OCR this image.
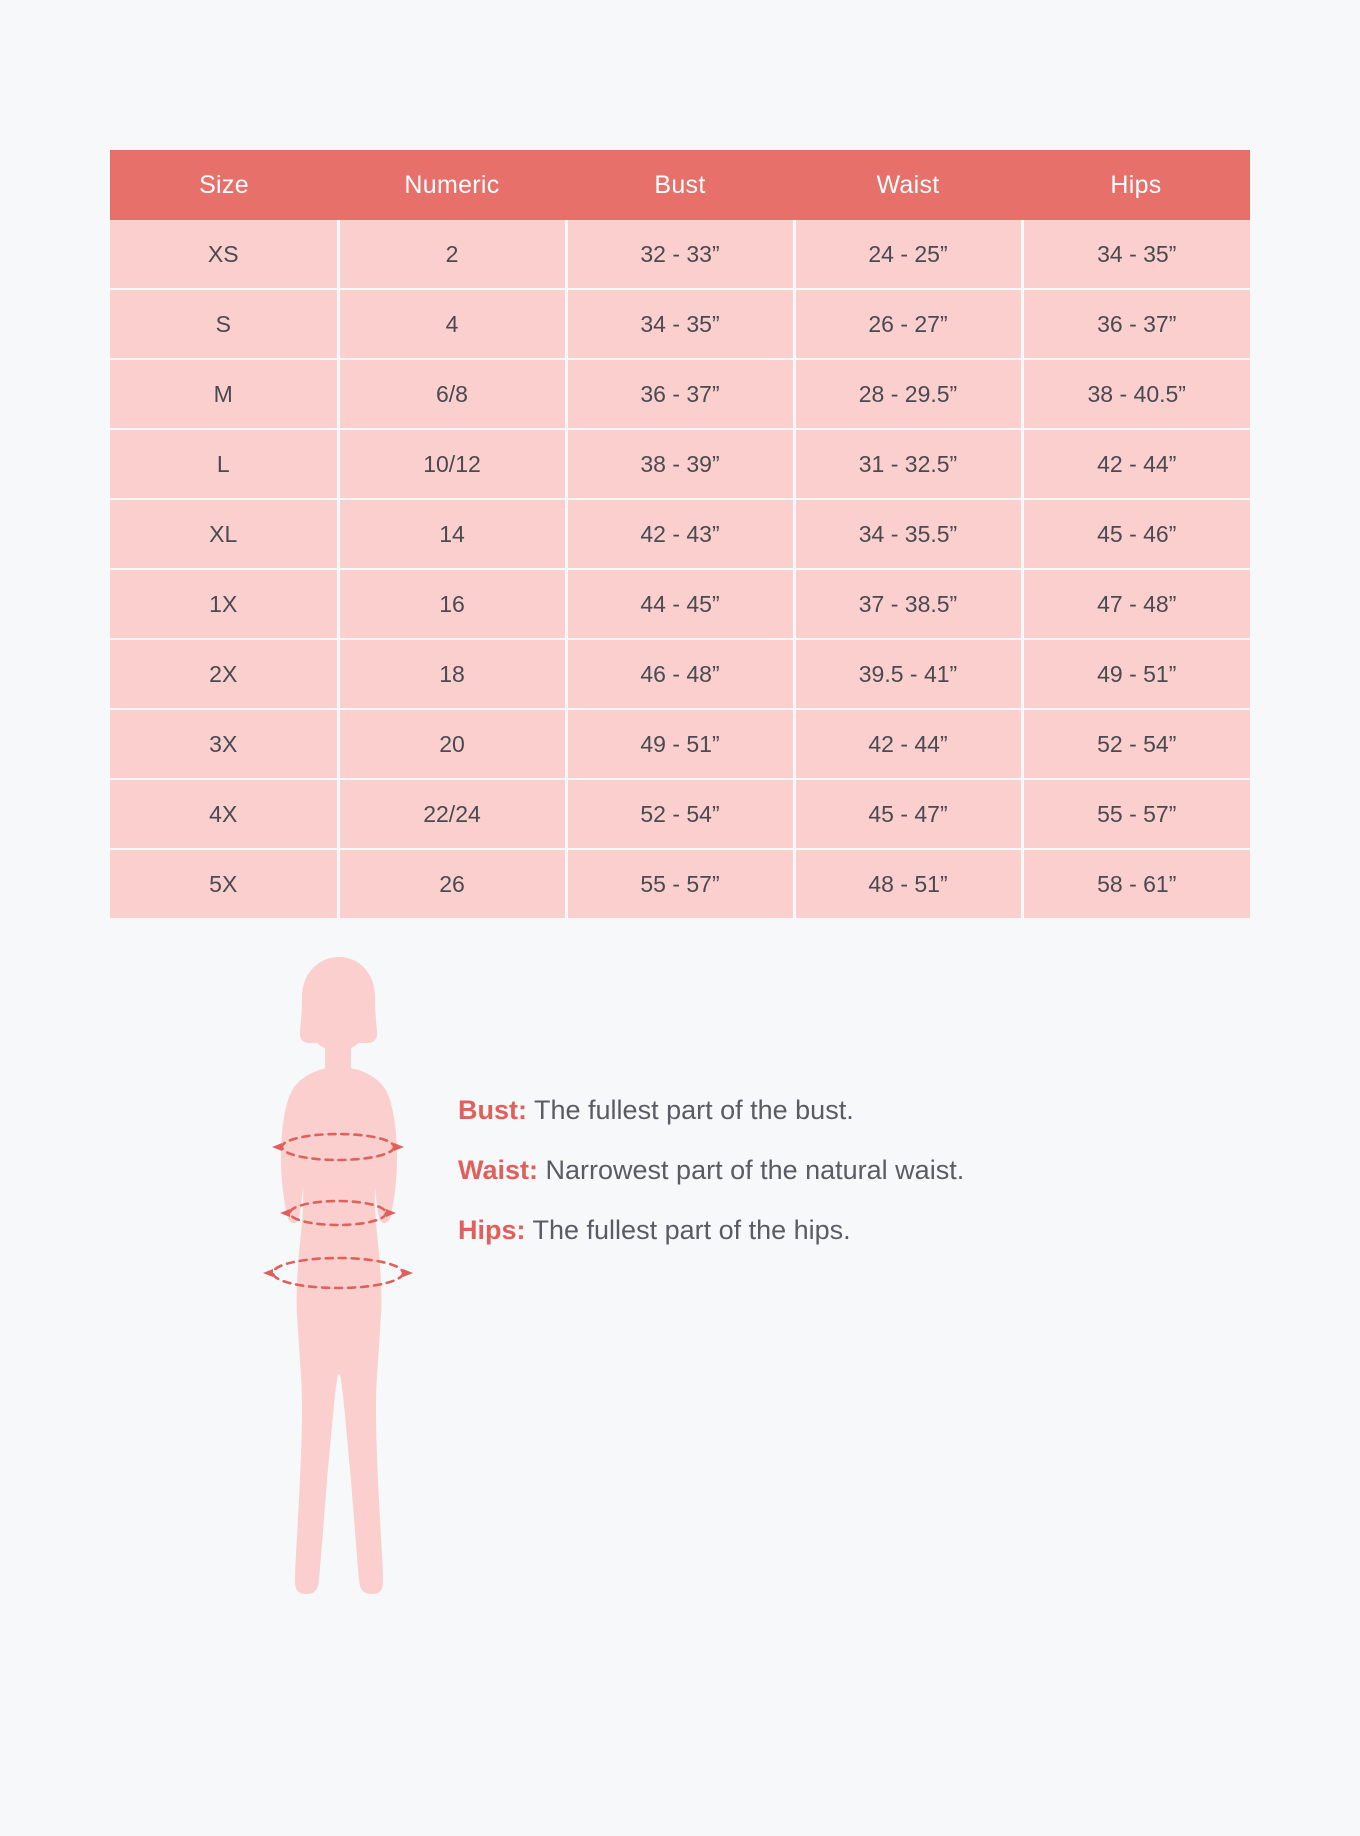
Size	Numeric	Bust	Waist	Hips
XS	2	32 - 33”	24 - 25”	34 - 35”
S	4	34 - 35”	26 - 27”	36 - 37”
M	6/8	36 - 37”	28 - 29.5”	38 - 40.5”
L	10/12	38 - 39”	31 - 32.5”	42 - 44”
XL	14	42 - 43”	34 - 35.5”	45 - 46”
1X	16	44 - 45”	37 - 38.5”	47 - 48”
2X	18	46 - 48”	39.5 - 41”	49 - 51”
3X	20	49 - 51”	42 - 44”	52 - 54”
4X	22/24	52 - 54”	45 - 47”	55 - 57”
5X	26	55 - 57”	48 - 51”	58 - 61”
Bust: The fullest part of the bust.
Waist: Narrowest part of the natural waist.
Hips: The fullest part of the hips.
